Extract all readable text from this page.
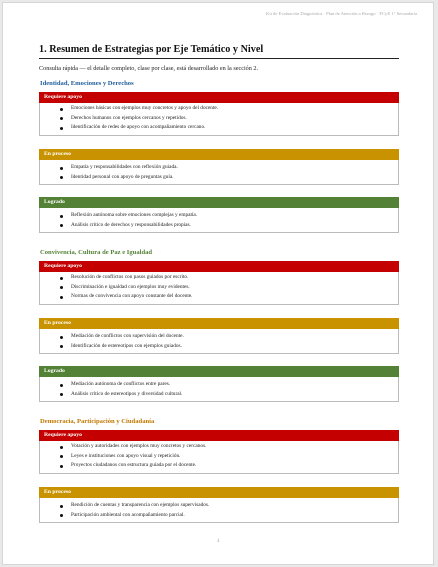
Kit de Evaluación Diagnóstica · Plan de Atención a Rezago · FCyE 1° Secundaria
1. Resumen de Estrategias por Eje Temático y Nivel
Consulta rápida — el detalle completo, clase por clase, está desarrollado en la sección 2.
Identidad, Emociones y Derechos
Requiere apoyo
Emociones básicas con ejemplos muy concretos y apoyo del docente.
Derechos humanos con ejemplos cercanos y repetidos.
Identificación de redes de apoyo con acompañamiento cercano.
En proceso
Empatía y responsabilidades con reflexión guiada.
Identidad personal con apoyo de preguntas guía.
Logrado
Reflexión autónoma sobre emociones complejas y empatía.
Análisis crítico de derechos y responsabilidades propias.
Convivencia, Cultura de Paz e Igualdad
Requiere apoyo
Resolución de conflictos con pasos guiados por escrito.
Discriminación e igualdad con ejemplos muy evidentes.
Normas de convivencia con apoyo constante del docente.
En proceso
Mediación de conflictos con supervisión del docente.
Identificación de estereotipos con ejemplos guiados.
Logrado
Mediación autónoma de conflictos entre pares.
Análisis crítico de estereotipos y diversidad cultural.
Democracia, Participación y Ciudadanía
Requiere apoyo
Votación y autoridades con ejemplos muy concretos y cercanos.
Leyes e instituciones con apoyo visual y repetición.
Proyectos ciudadanos con estructura guiada por el docente.
En proceso
Rendición de cuentas y transparencia con ejemplos supervisados.
Participación ambiental con acompañamiento parcial.
4
